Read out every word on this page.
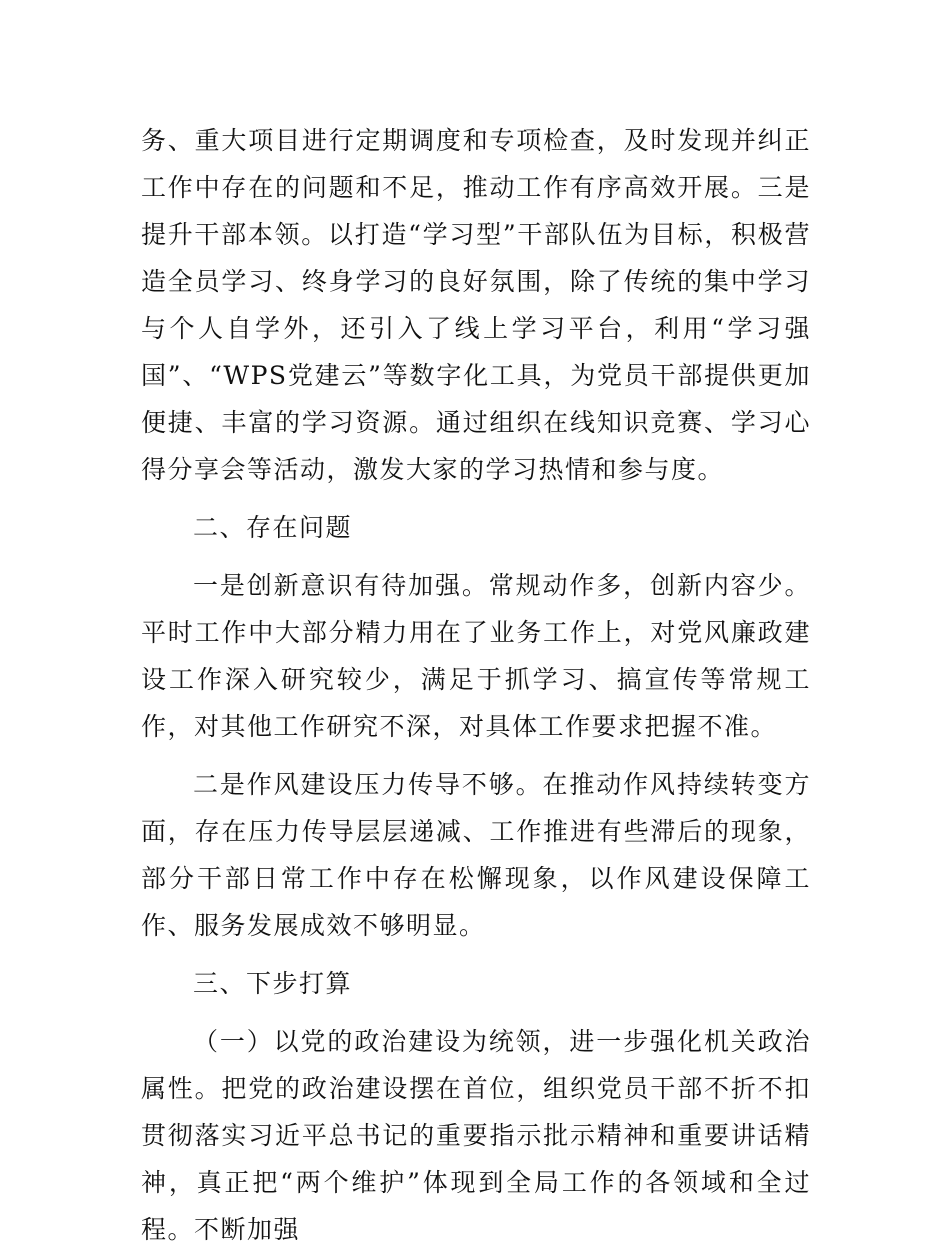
务、重大项目进行定期调度和专项检查，及时发现并纠正工作中存在的问题和不足，推动工作有序高效开展。三是提升干部本领。以打造“学习型”干部队伍为目标，积极营造全员学习、终身学习的良好氛围，除了传统的集中学习与个人自学外，还引入了线上学习平台，利用“学习强国”、“WPS党建云”等数字化工具，为党员干部提供更加便捷、丰富的学习资源。通过组织在线知识竞赛、学习心得分享会等活动，激发大家的学习热情和参与度。

二、存在问题

一是创新意识有待加强。常规动作多，创新内容少。平时工作中大部分精力用在了业务工作上，对党风廉政建设工作深入研究较少，满足于抓学习、搞宣传等常规工作，对其他工作研究不深，对具体工作要求把握不准。

二是作风建设压力传导不够。在推动作风持续转变方面，存在压力传导层层递减、工作推进有些滞后的现象，部分干部日常工作中存在松懈现象，以作风建设保障工作、服务发展成效不够明显。

三、下步打算

（一）以党的政治建设为统领，进一步强化机关政治属性。把党的政治建设摆在首位，组织党员干部不折不扣贯彻落实习近平总书记的重要指示批示精神和重要讲话精神，真正把“两个维护”体现到全局工作的各领域和全过程。不断加强
